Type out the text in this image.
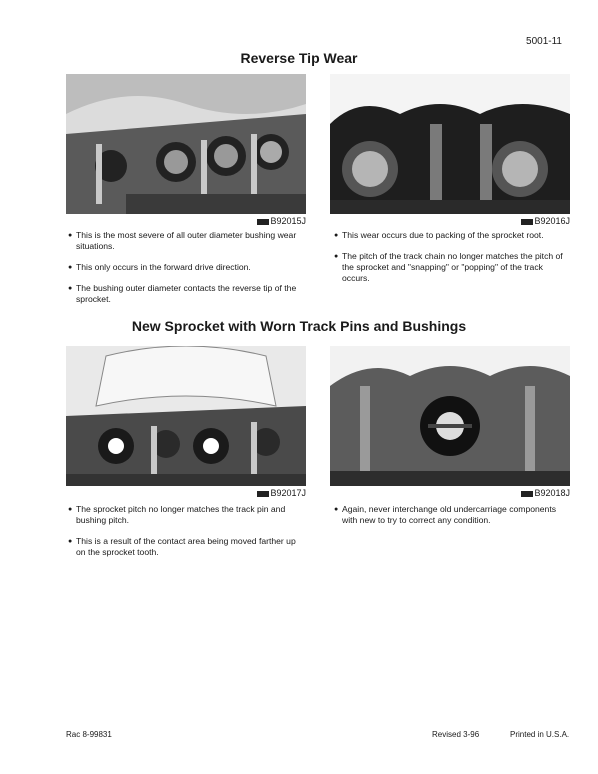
5001-11
Reverse Tip Wear
B92015J
● This is the most severe of all outer diameter bushing wear situations.
● This only occurs in the forward drive direction.
● The bushing outer diameter contacts the reverse tip of the sprocket.
B92016J
● This wear occurs due to packing of the sprocket root.
● The pitch of the track chain no longer matches the pitch of the sprocket and "snapping" or "popping" of the track occurs.
New Sprocket with Worn Track Pins and Bushings
B92017J
● The sprocket pitch no longer matches the track pin and bushing pitch.
● This is a result of the contact area being moved farther up on the sprocket tooth.
B92018J
● Again, never interchange old undercarriage components with new to try to correct any condition.
Rac 8-99831	Revised 3-96	Printed in U.S.A.
